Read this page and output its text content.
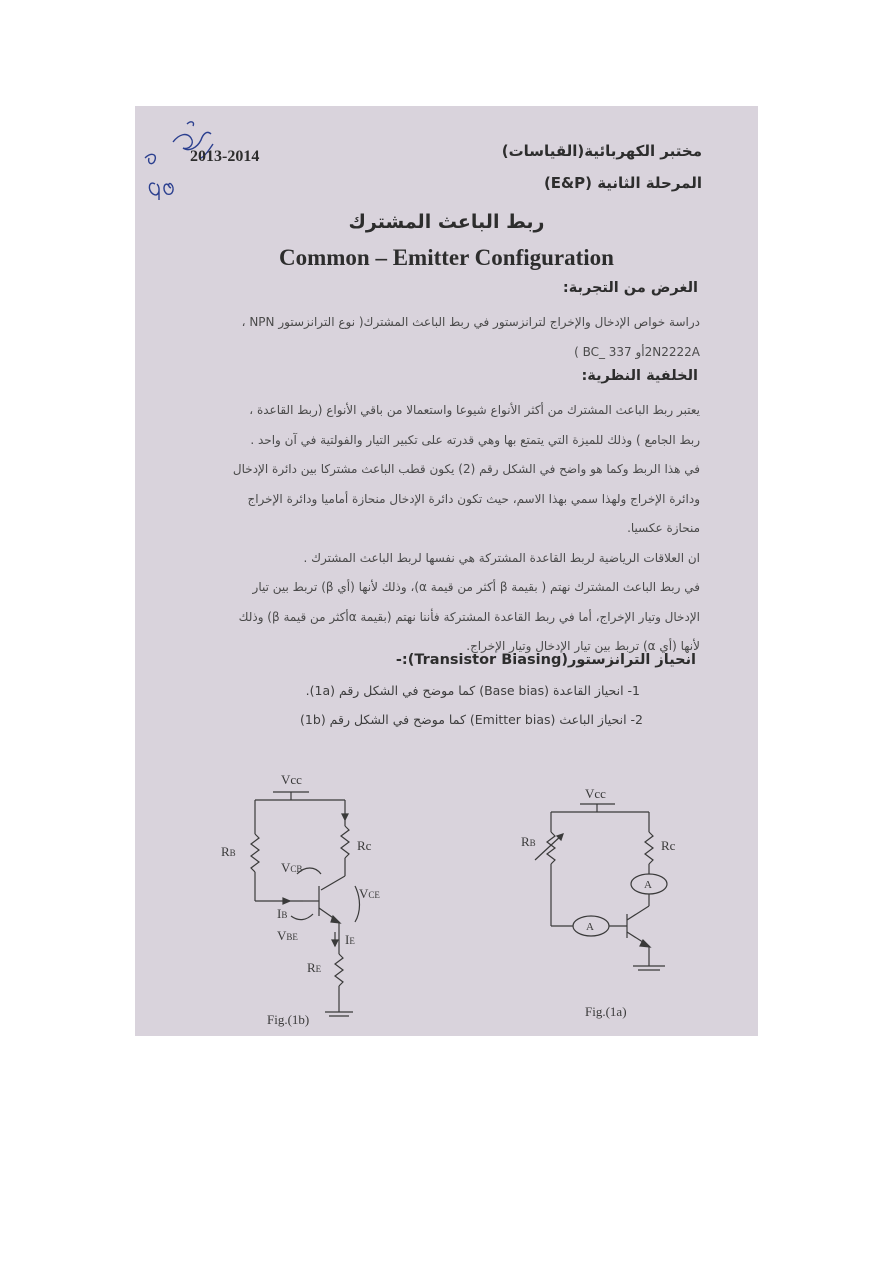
2013-2014	مختبر الكهربائية(القياسات)
المرحلة الثانية (E&P)
ربط الباعث المشترك
Common – Emitter Configuration
الغرض من التجربة:
دراسة خواص الإدخال والإخراج لترانزستور في ربط الباعث المشترك( نوع الترانزستور NPN ،
2N2222Aأو BC_ 337 )
الخلفية النظرية:
يعتبر ربط الباعث المشترك من أكثر الأنواع شيوعا واستعمالا من باقي الأنواع (ربط القاعدة ،
ربط الجامع ) وذلك للميزة التي يتمتع بها وهي قدرته على تكبير التيار والفولتية في آن واحد .
في هذا الربط وكما هو واضح في الشكل رقم (2) يكون قطب الباعث مشتركا بين دائرة الإدخال
ودائرة الإخراج ولهذا سمي بهذا الاسم، حيث تكون دائرة الإدخال منحازة أماميا ودائرة الإخراج
منحازة عكسيا.
ان العلاقات الرياضية لربط القاعدة المشتركة هي نفسها لربط الباعث المشترك .
في ربط الباعث المشترك نهتم ( بقيمة β أكثر من قيمة α)، وذلك لأنها (أي β) تربط بين تيار
الإدخال وتيار الإخراج، أما في ربط القاعدة المشتركة فأننا نهتم (بقيمة αأكثر من قيمة β) وذلك
لأنها (أي α) تربط بين تيار الإدخال وتيار الإخراج.
انحياز الترانزستور(Transistor Biasing):-
1- انحياز القاعدة (Base bias) كما موضح في الشكل رقم (1a).
2- انحياز الباعث (Emitter bias) كما موضح في الشكل رقم (1b)
Vcc
RB	Rc
VCB
VCE
IB
VBE	IE
RE
Fig.(1b)
Vcc
RB	Rc
A
A
Fig.(1a)
